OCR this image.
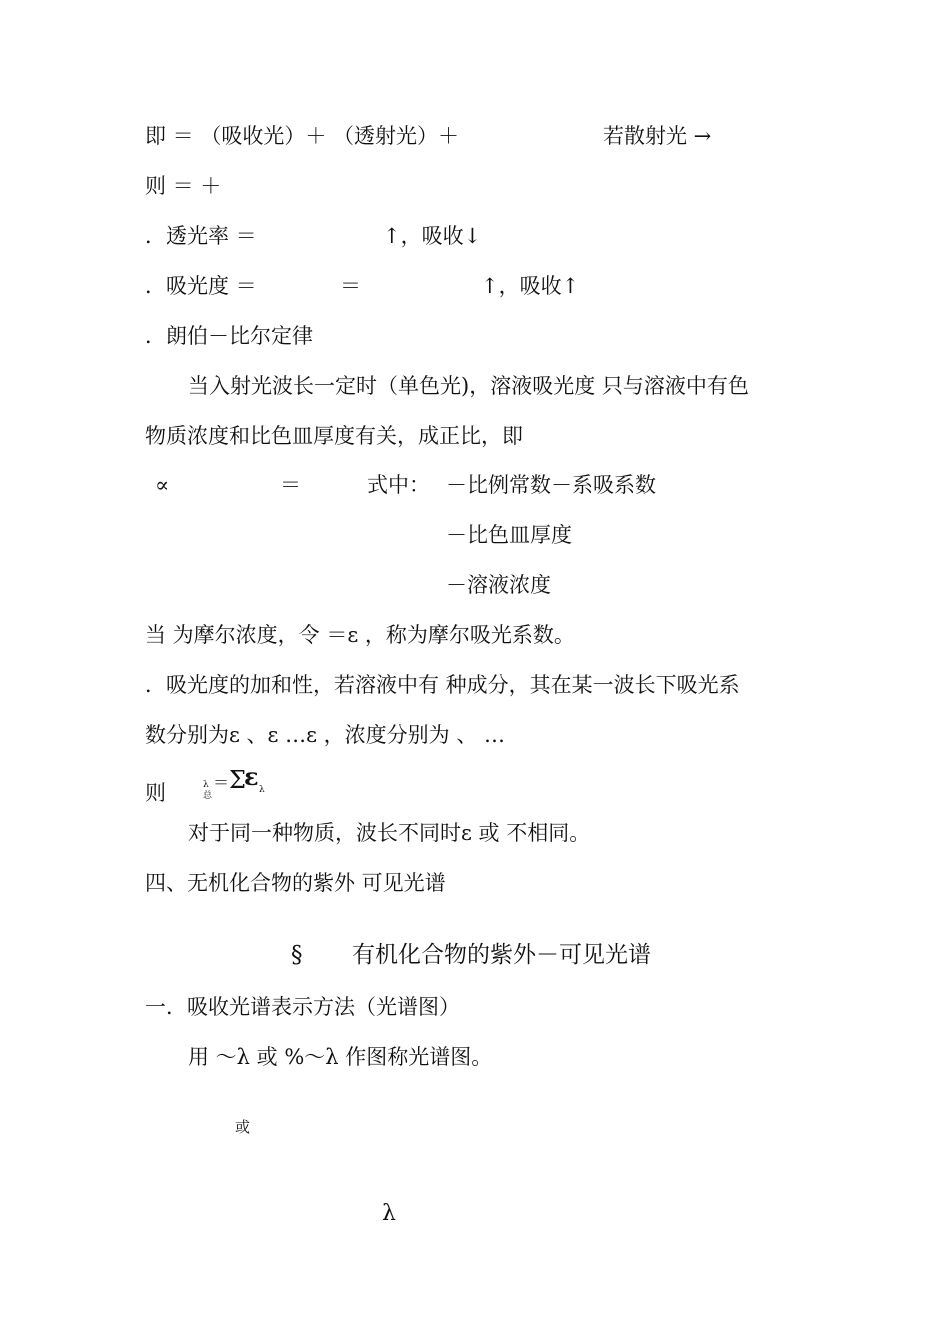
即 ＝ （吸收光）＋ （透射光）＋	若散射光 →
则 ＝ ＋
．透光率 ＝	↑，吸收↓
．吸光度 ＝	＝	↑，吸收↑
．朗伯－比尔定律
当入射光波长一定时（单色光)，溶液吸光度 只与溶液中有色
物质浓度和比色皿厚度有关，成正比，即
∝	＝	式中： －比例常数－系吸系数
－比色皿厚度
－溶液浓度
当 为摩尔浓度，令 ＝ε ，称为摩尔吸光系数。
．吸光度的加和性，若溶液中有 种成分，其在某一波长下吸光系
数分别为ε 、ε …ε ，浓度分别为 、 …
则	λ
总
＝ Σ
ε λ
对于同一种物质，波长不同时ε 或 不相同。
四、无机化合物的紫外 可见光谱
§ 有机化合物的紫外－可见光谱
一．吸收光谱表示方法（光谱图）
用 ～λ 或 %～λ 作图称光谱图。
或
λ
